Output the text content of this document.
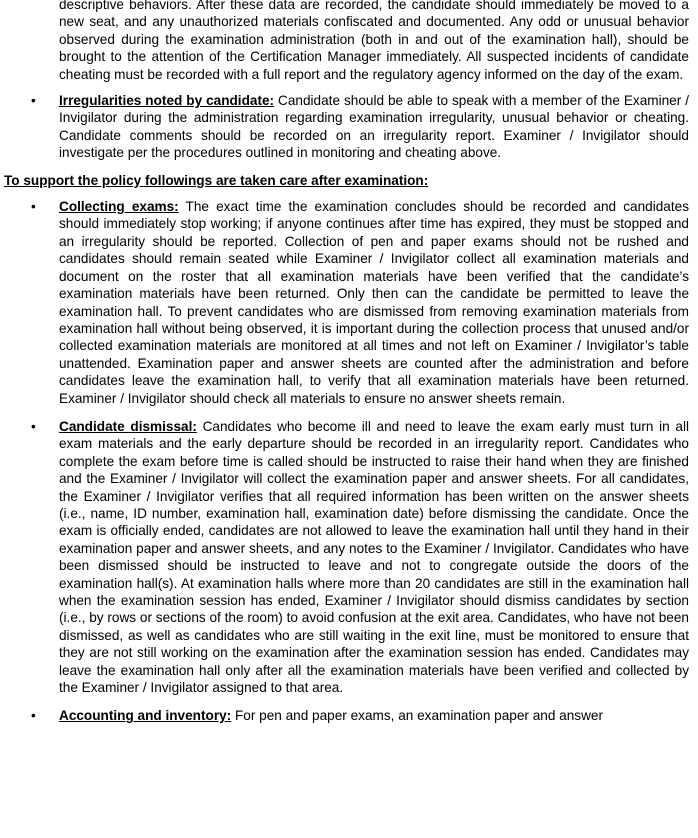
descriptive behaviors. After these data are recorded, the candidate should immediately be moved to a new seat, and any unauthorized materials confiscated and documented. Any odd or unusual behavior observed during the examination administration (both in and out of the examination hall), should be brought to the attention of the Certification Manager immediately. All suspected incidents of candidate cheating must be recorded with a full report and the regulatory agency informed on the day of the exam.
• Irregularities noted by candidate: Candidate should be able to speak with a member of the Examiner / Invigilator during the administration regarding examination irregularity, unusual behavior or cheating. Candidate comments should be recorded on an irregularity report. Examiner / Invigilator should investigate per the procedures outlined in monitoring and cheating above.
To support the policy followings are taken care after examination:
• Collecting exams: The exact time the examination concludes should be recorded and candidates should immediately stop working; if anyone continues after time has expired, they must be stopped and an irregularity should be reported. Collection of pen and paper exams should not be rushed and candidates should remain seated while Examiner / Invigilator collect all examination materials and document on the roster that all examination materials have been verified that the candidate’s examination materials have been returned. Only then can the candidate be permitted to leave the examination hall. To prevent candidates who are dismissed from removing examination materials from examination hall without being observed, it is important during the collection process that unused and/or collected examination materials are monitored at all times and not left on Examiner / Invigilator’s table unattended. Examination paper and answer sheets are counted after the administration and before candidates leave the examination hall, to verify that all examination materials have been returned. Examiner / Invigilator should check all materials to ensure no answer sheets remain.
• Candidate dismissal: Candidates who become ill and need to leave the exam early must turn in all exam materials and the early departure should be recorded in an irregularity report. Candidates who complete the exam before time is called should be instructed to raise their hand when they are finished and the Examiner / Invigilator will collect the examination paper and answer sheets. For all candidates, the Examiner / Invigilator verifies that all required information has been written on the answer sheets (i.e., name, ID number, examination hall, examination date) before dismissing the candidate. Once the exam is officially ended, candidates are not allowed to leave the examination hall until they hand in their examination paper and answer sheets, and any notes to the Examiner / Invigilator. Candidates who have been dismissed should be instructed to leave and not to congregate outside the doors of the examination hall(s). At examination halls where more than 20 candidates are still in the examination hall when the examination session has ended, Examiner / Invigilator should dismiss candidates by section (i.e., by rows or sections of the room) to avoid confusion at the exit area. Candidates, who have not been dismissed, as well as candidates who are still waiting in the exit line, must be monitored to ensure that they are not still working on the examination after the examination session has ended. Candidates may leave the examination hall only after all the examination materials have been verified and collected by the Examiner / Invigilator assigned to that area.
• Accounting and inventory: For pen and paper exams, an examination paper and answer
